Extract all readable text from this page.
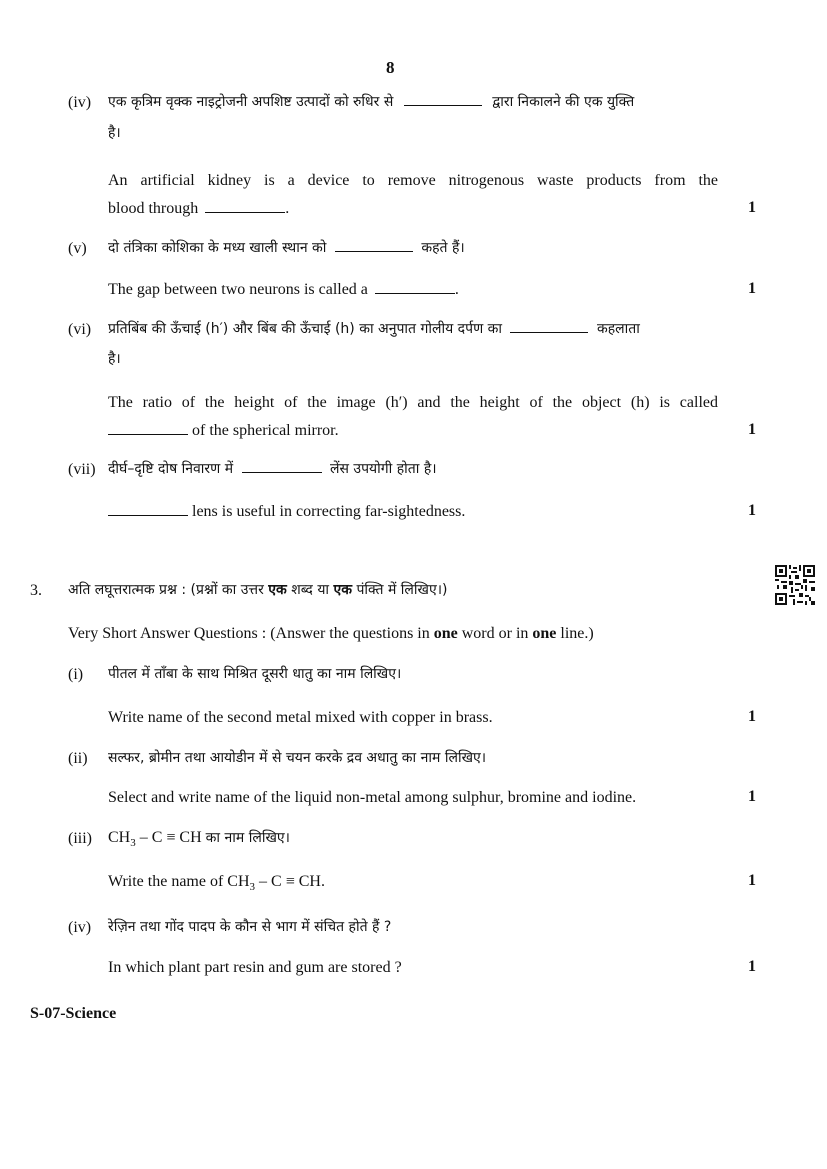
8
(iv) एक कृत्रिम वृक्क नाइट्रोजनी अपशिष्ट उत्पादों को रुधिर से	द्वारा निकालने की एक युक्ति
है।
An artificial kidney is a device to remove nitrogenous waste products from the
blood through	.	1
(v) दो तंत्रिका कोशिका के मध्य खाली स्थान को	कहते हैं।
The gap between two neurons is called a	.	1
(vi) प्रतिबिंब की ऊँचाई (h′) और बिंब की ऊँचाई (h) का अनुपात गोलीय दर्पण का	कहलाता
है।
The ratio of the height of the image (h′) and the height of the object (h) is called
of the spherical mirror.	1
(vii) दीर्घ–दृष्टि दोष निवारण में	लेंस उपयोगी होता है।
lens is useful in correcting far-sightedness.	1
3. अति लघूत्तरात्मक प्रश्न : (प्रश्नों का उत्तर एक शब्द या एक पंक्ति में लिखिए।)
Very Short Answer Questions : (Answer the questions in one word or in one line.)
(i) पीतल में ताँबा के साथ मिश्रित दूसरी धातु का नाम लिखिए।
Write name of the second metal mixed with copper in brass.	1
(ii) सल्फर, ब्रोमीन तथा आयोडीन में से चयन करके द्रव अधातु का नाम लिखिए।
Select and write name of the liquid non-metal among sulphur, bromine and iodine.	1
(iii) $CH_3$ – C ≡ CH का नाम लिखिए।
Write the name of $CH_3$ – C ≡ CH.	1
(iv) रेज़िन तथा गोंद पादप के कौन से भाग में संचित होते हैं ?
In which plant part resin and gum are stored ?	1
S-07-Science
